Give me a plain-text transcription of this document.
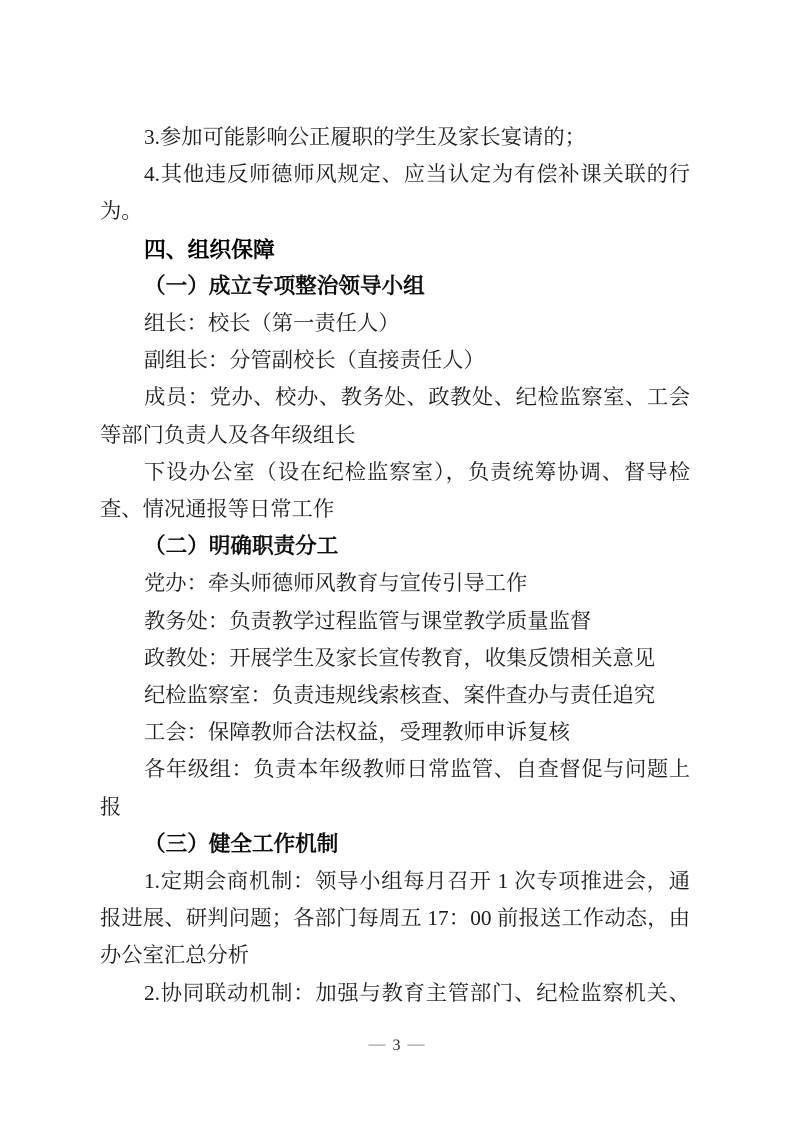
3.参加可能影响公正履职的学生及家长宴请的；
4.其他违反师德师风规定、应当认定为有偿补课关联的行
为。
四、组织保障
（一）成立专项整治领导小组
组长：校长（第一责任人）
副组长：分管副校长（直接责任人）
成员：党办、校办、教务处、政教处、纪检监察室、工会
等部门负责人及各年级组长
下设办公室（设在纪检监察室），负责统筹协调、督导检
查、情况通报等日常工作
（二）明确职责分工
党办：牵头师德师风教育与宣传引导工作
教务处：负责教学过程监管与课堂教学质量监督
政教处：开展学生及家长宣传教育，收集反馈相关意见
纪检监察室：负责违规线索核查、案件查办与责任追究
工会：保障教师合法权益，受理教师申诉复核
各年级组：负责本年级教师日常监管、自查督促与问题上
报
（三）健全工作机制
1.定期会商机制：领导小组每月召开 1 次专项推进会，通
报进展、研判问题；各部门每周五 17：00 前报送工作动态，由
办公室汇总分析
2.协同联动机制：加强与教育主管部门、纪检监察机关、
— 3 —
